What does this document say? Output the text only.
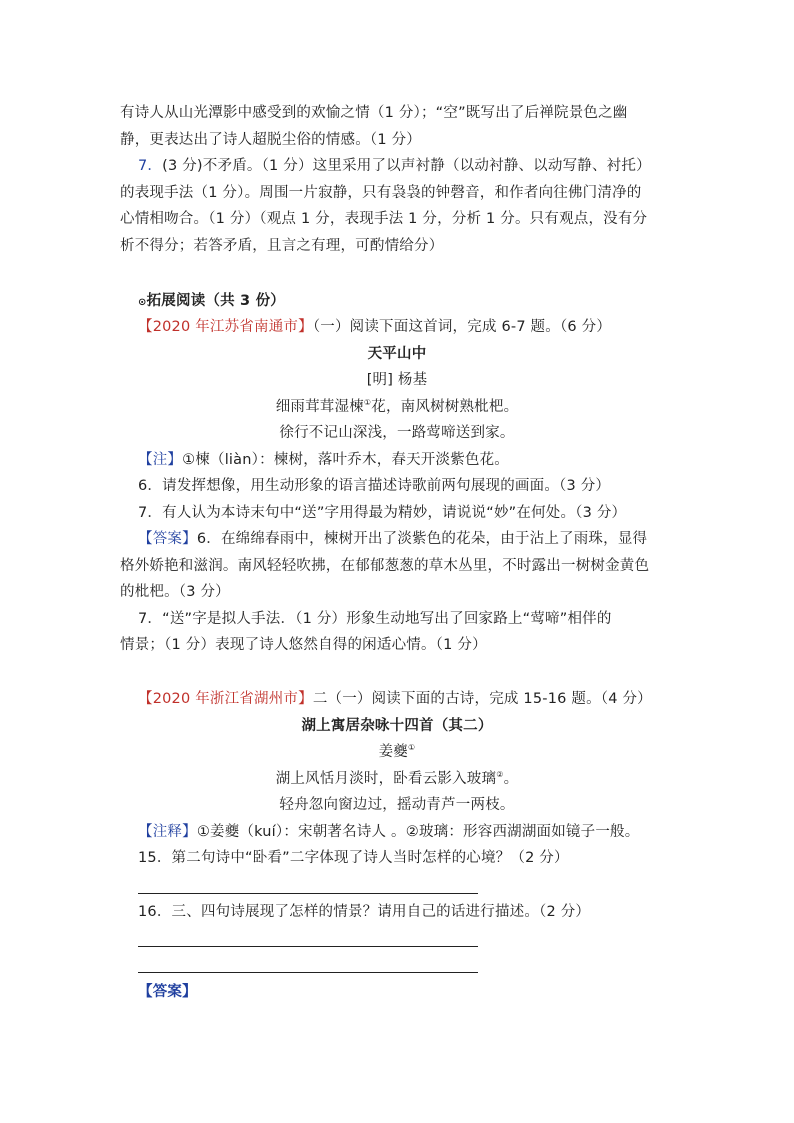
有诗人从山光潭影中感受到的欢愉之情（1 分）；“空”既写出了后禅院景色之幽
静，更表达出了诗人超脱尘俗的情感。（1 分）
7．(3 分)不矛盾。（1 分）这里采用了以声衬静（以动衬静、以动写静、衬托）
的表现手法（1 分）。周围一片寂静，只有袅袅的钟磬音，和作者向往佛门清净的
心情相吻合。（1 分）（观点 1 分，表现手法 1 分，分析 1 分。只有观点，没有分
析不得分；若答矛盾，且言之有理，可酌情给分）
⊙拓展阅读（共 3 份）
【2020 年江苏省南通市】（一）阅读下面这首词，完成 6-7 题。（6 分）
天平山中
[明] 杨基
细雨茸茸湿楝①花，南风树树熟枇杷。
徐行不记山深浅，一路莺啼送到家。
【注】①楝（liàn）：楝树，落叶乔木，春天开淡紫色花。
6．请发挥想像，用生动形象的语言描述诗歌前两句展现的画面。（3 分）
7．有人认为本诗末句中“送”字用得最为精妙，请说说“妙”在何处。（3 分）
【答案】6．在绵绵春雨中，楝树开出了淡紫色的花朵，由于沾上了雨珠，显得
格外娇艳和滋润。南风轻轻吹拂，在郁郁葱葱的草木丛里，不时露出一树树金黄色
的枇杷。（3 分）
7．“送”字是拟人手法．（1 分）形象生动地写出了回家路上“莺啼”相伴的
情景；（1 分）表现了诗人悠然自得的闲适心情。（1 分）
【2020 年浙江省湖州市】二（一）阅读下面的古诗，完成 15-16 题。（4 分）
湖上寓居杂咏十四首（其二）
姜夔①
湖上风恬月淡时，卧看云影入玻璃②。
轻舟忽向窗边过，摇动青芦一两枝。
【注释】①姜夔（kuí）：宋朝著名诗人 。②玻璃：形容西湖湖面如镜子一般。
15．第二句诗中“卧看”二字体现了诗人当时怎样的心境？（2 分）
16．三、四句诗展现了怎样的情景？请用自己的话进行描述。（2 分）
【答案】
